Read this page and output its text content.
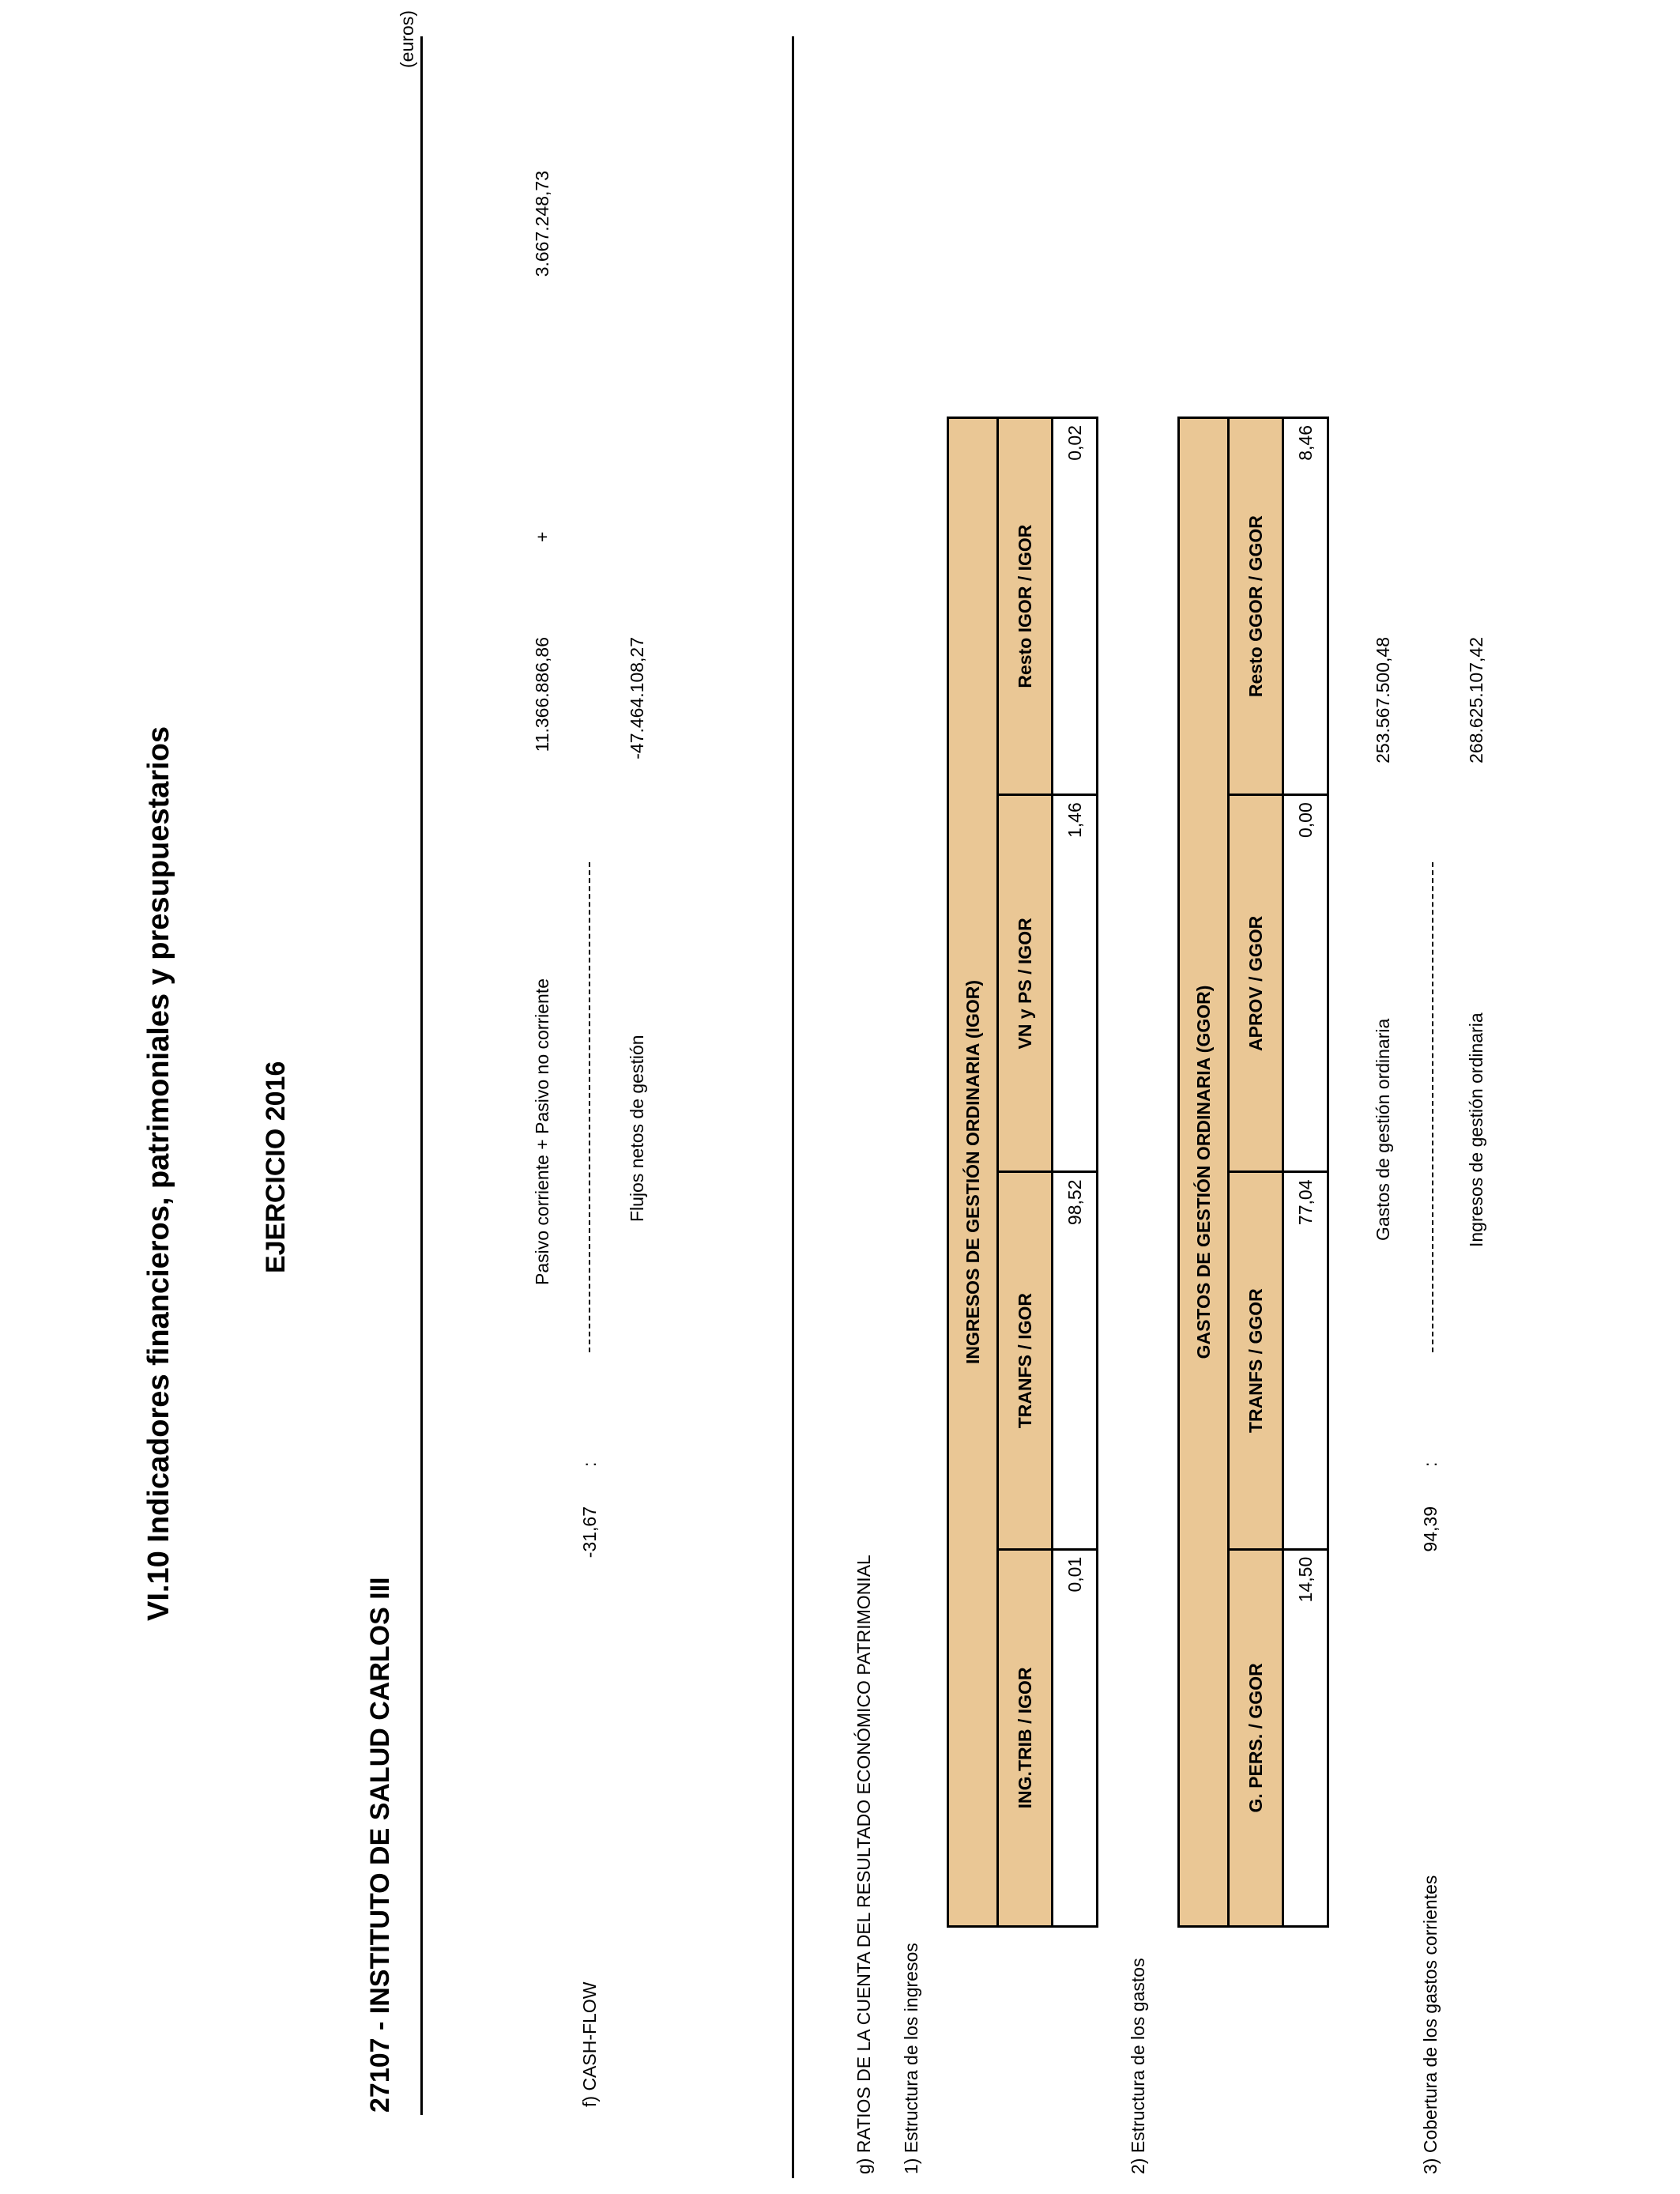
VI.10 Indicadores financieros, patrimoniales y presupuestarios	EJERCICIO 2016
27107 - INSTITUTO DE SALUD CARLOS III
(euros)
f) CASH-FLOW
-31,67
:
Pasivo corriente + Pasivo no corriente	Flujos netos de gestión
11.366.886,86
+
3.667.248,73
-47.464.108,27
g) RATIOS DE LA CUENTA DEL RESULTADO ECONÓMICO PATRIMONIAL 1) Estructura de los ingresos
INGRESOS DE GESTIÓN ORDINARIA (IGOR)			
ING.TRIB / IGOR	TRANFS / IGOR	VN y PS / IGOR	Resto IGOR / IGOR
0,01	98,52	1,46	0,02
2) Estructura de los gastos
GASTOS DE GESTIÓN ORDINARIA (GGOR)			
G. PERS. / GGOR	TRANFS / GGOR	APROV / GGOR	Resto GGOR / GGOR
14,50	77,04	0,00	8,46
3) Cobertura de los gastos corrientes
94,39
:
Gastos de gestión ordinaria	Ingresos de gestión ordinaria
253.567.500,48	268.625.107,42
